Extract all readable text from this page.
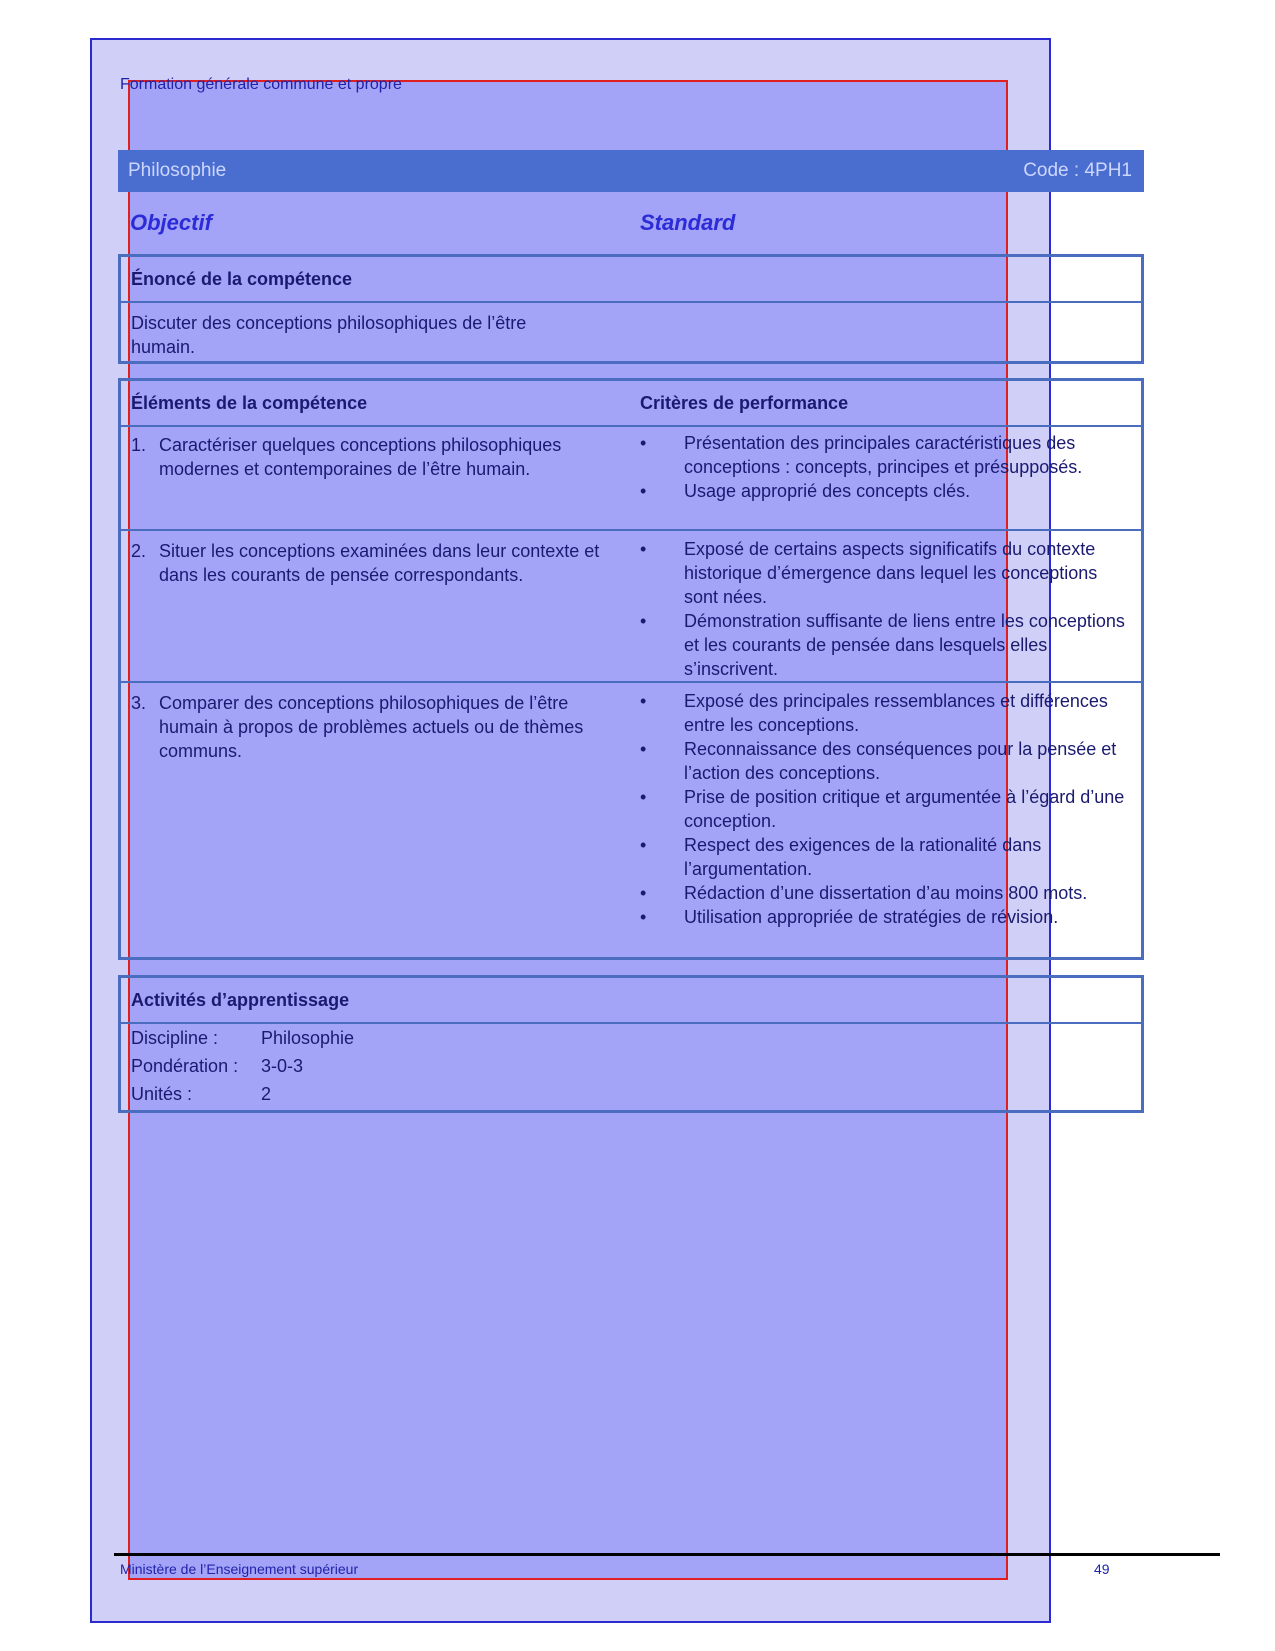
Formation générale commune et propre
Philosophie	Code : 4PH1
Objectif	Standard
Énoncé de la compétence
Discuter des conceptions philosophiques de l’être humain.
Éléments de la compétence	Critères de performance
1. Caractériser quelques conceptions philosophiques modernes et contemporaines de l’être humain.
• Présentation des principales caractéristiques des conceptions : concepts, principes et présupposés.
• Usage approprié des concepts clés.
2. Situer les conceptions examinées dans leur contexte et dans les courants de pensée correspondants.
• Exposé de certains aspects significatifs du contexte historique d’émergence dans lequel les conceptions sont nées.
• Démonstration suffisante de liens entre les conceptions et les courants de pensée dans lesquels elles s’inscrivent.
3. Comparer des conceptions philosophiques de l’être humain à propos de problèmes actuels ou de thèmes communs.
• Exposé des principales ressemblances et différences entre les conceptions.
• Reconnaissance des conséquences pour la pensée et l’action des conceptions.
• Prise de position critique et argumentée à l’égard d’une conception.
• Respect des exigences de la rationalité dans l’argumentation.
• Rédaction d’une dissertation d’au moins 800 mots.
• Utilisation appropriée de stratégies de révision.
Activités d’apprentissage
Discipline : Philosophie
Pondération : 3-0-3
Unités :	2
Ministère de l’Enseignement supérieur	49
